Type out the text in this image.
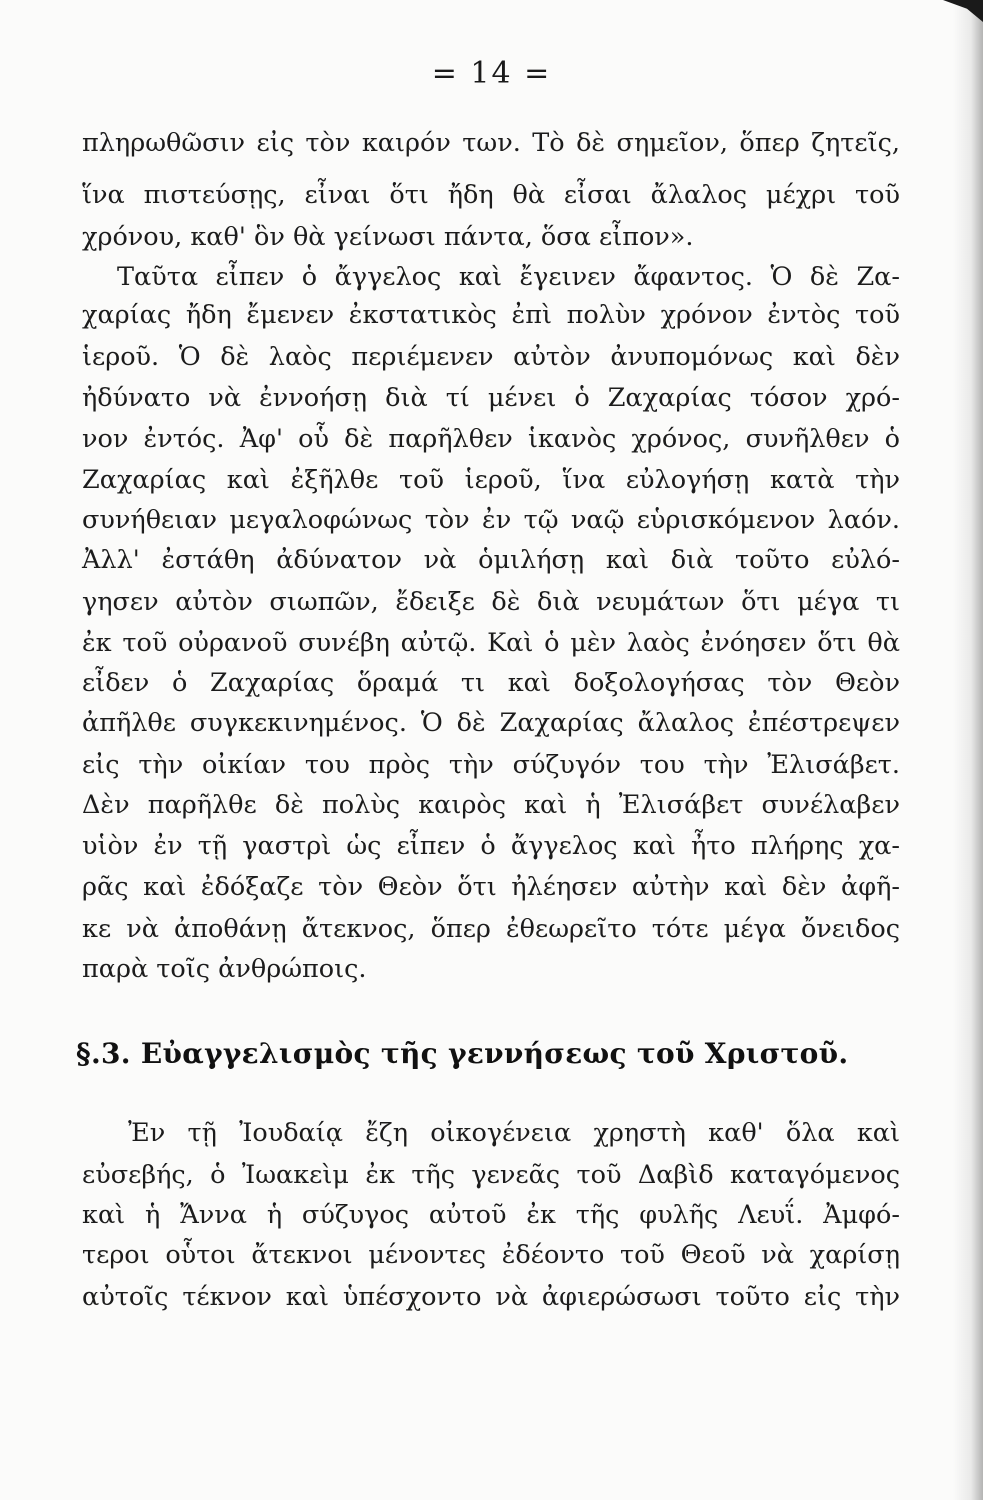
= 14 =
πληρωθῶσιν εἰς τὸν καιρόν των. Τὸ δὲ σημεῖον, ὅπερ ζητεῖς,
ἵνα πιστεύσῃς, εἶναι ὅτι ἤδη θὰ εἶσαι ἄλαλος μέχρι τοῦ
χρόνου, καθ' ὃν θὰ γείνωσι πάντα, ὅσα εἶπον».
Ταῦτα εἶπεν ὁ ἄγγελος καὶ ἔγεινεν ἄφαντος. Ὁ δὲ Ζα-
χαρίας ἤδη ἔμενεν ἐκστατικὸς ἐπὶ πολὺν χρόνον ἐντὸς τοῦ
ἱεροῦ. Ὁ δὲ λαὸς περιέμενεν αὐτὸν ἀνυπομόνως καὶ δὲν
ἠδύνατο νὰ ἐννοήσῃ διὰ τί μένει ὁ Ζαχαρίας τόσον χρό-
νον ἐντός. Ἀφ' οὗ δὲ παρῆλθεν ἱκανὸς χρόνος, συνῆλθεν ὁ
Ζαχαρίας καὶ ἐξῆλθε τοῦ ἱεροῦ, ἵνα εὐλογήσῃ κατὰ τὴν
συνήθειαν μεγαλοφώνως τὸν ἐν τῷ ναῷ εὑρισκόμενον λαόν.
Ἀλλ' ἐστάθη ἀδύνατον νὰ ὁμιλήσῃ καὶ διὰ τοῦτο εὐλό-
γησεν αὐτὸν σιωπῶν, ἔδειξε δὲ διὰ νευμάτων ὅτι μέγα τι
ἐκ τοῦ οὐρανοῦ συνέβη αὐτῷ. Καὶ ὁ μὲν λαὸς ἐνόησεν ὅτι θὰ
εἶδεν ὁ Ζαχαρίας ὅραμά τι καὶ δοξολογήσας τὸν Θεὸν
ἀπῆλθε συγκεκινημένος. Ὁ δὲ Ζαχαρίας ἄλαλος ἐπέστρεψεν
εἰς τὴν οἰκίαν του πρὸς τὴν σύζυγόν του τὴν Ἐλισάβετ.
Δὲν παρῆλθε δὲ πολὺς καιρὸς καὶ ἡ Ἐλισάβετ συνέλαβεν
υἱὸν ἐν τῇ γαστρὶ ὡς εἶπεν ὁ ἄγγελος καὶ ἦτο πλήρης χα-
ρᾶς καὶ ἐδόξαζε τὸν Θεὸν ὅτι ἠλέησεν αὐτὴν καὶ δὲν ἀφῆ-
κε νὰ ἀποθάνῃ ἄτεκνος, ὅπερ ἐθεωρεῖτο τότε μέγα ὄνειδος
παρὰ τοῖς ἀνθρώποις.
§.3. Εὐαγγελισμὸς τῆς γεννήσεως τοῦ Χριστοῦ.
Ἐν τῇ Ἰουδαίᾳ ἔζη οἰκογένεια χρηστὴ καθ' ὅλα καὶ
εὐσεβής, ὁ Ἰωακεὶμ ἐκ τῆς γενεᾶς τοῦ Δαβὶδ καταγόμενος
καὶ ἡ Ἄννα ἡ σύζυγος αὐτοῦ ἐκ τῆς φυλῆς Λευΐ. Ἀμφό-
τεροι οὗτοι ἄτεκνοι μένοντες ἐδέοντο τοῦ Θεοῦ νὰ χαρίσῃ
αὐτοῖς τέκνον καὶ ὑπέσχοντο νὰ ἀφιερώσωσι τοῦτο εἰς τὴν
